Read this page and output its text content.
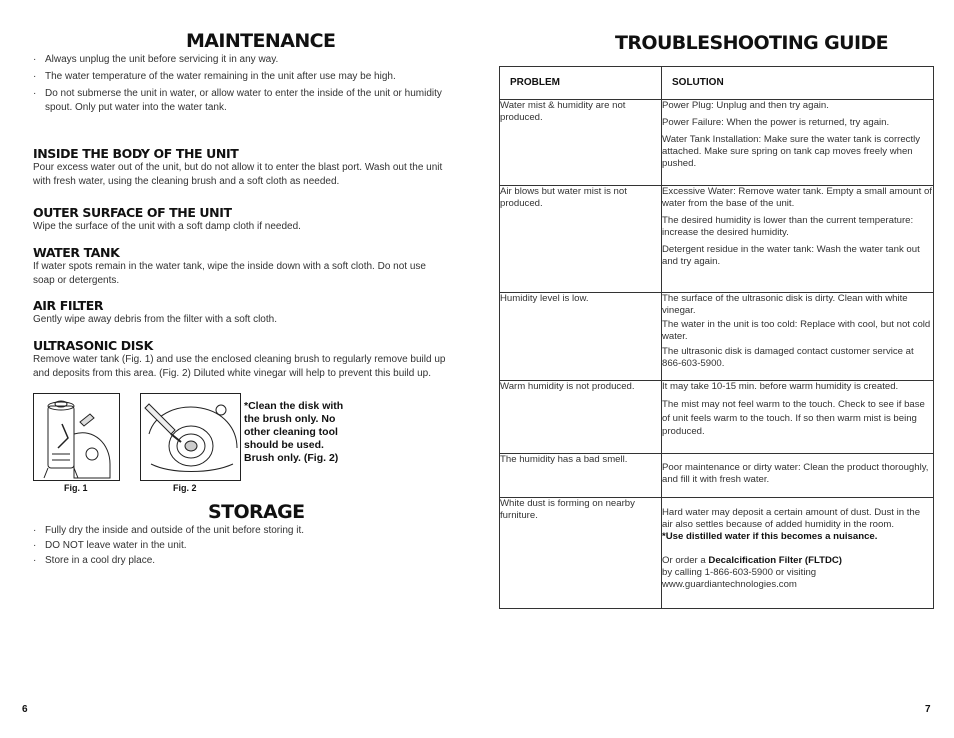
MAINTENANCE
· Always unplug the unit before servicing it in any way.
· The water temperature of the water remaining in the unit after use may be high.
· Do not submerse the unit in water, or allow water to enter the inside of the unit or humidity spout. Only put water into the water tank.
INSIDE THE BODY OF THE UNIT
Pour excess water out of the unit, but do not allow it to enter the blast port. Wash out the unit with fresh water, using the cleaning brush and a soft cloth as needed.
OUTER SURFACE OF THE UNIT
Wipe the surface of the unit with a soft damp cloth if needed.
WATER TANK
If water spots remain in the water tank, wipe the inside down with a soft cloth. Do not use soap or detergents.
AIR FILTER
Gently wipe away debris from the filter with a soft cloth.
ULTRASONIC DISK
Remove water tank (Fig. 1) and use the enclosed cleaning brush to regularly remove build up and deposits from this area. (Fig. 2) Diluted white vinegar will help to prevent this build up.
Fig. 1	Fig. 2
*Clean the disk with the brush only. No other cleaning tool should be used. Brush only. (Fig. 2)
STORAGE
· Fully dry the inside and outside of the unit before storing it.
· DO NOT leave water in the unit.
· Store in a cool dry place.
6
TROUBLESHOOTING GUIDE
PROBLEM	SOLUTION
Water mist & humidity are not produced.	Power Plug: Unplug and then try again.
Power Failure: When the power is returned, try again.
Water Tank Installation: Make sure the water tank is correctly attached. Make sure spring on tank cap moves freely when pushed.

Air blows but water mist is not produced.	Excessive Water: Remove water tank. Empty a small amount of water from the base of the unit.
The desired humidity is lower than the current temperature: increase the desired humidity.
Detergent residue in the water tank: Wash the water tank out and try again.

Humidity level is low.	The surface of the ultrasonic disk is dirty. Clean with white vinegar.
The water in the unit is too cold: Replace with cool, but not cold water.
The ultrasonic disk is damaged contact customer service at 866-603-5900.

Warm humidity is not produced.	It may take 10-15 min. before warm humidity is created.
The mist may not feel warm to the touch. Check to see if base of unit feels warm to the touch. If so then warm mist is being produced.

The humidity has a bad smell.	Poor maintenance or dirty water: Clean the product thoroughly, and fill it with fresh water.

White dust is forming on nearby furniture.	Hard water may deposit a certain amount of dust. Dust in the air also settles because of added humidity in the room.
*Use distilled water if this becomes a nuisance.
Or order a Decalcification Filter (FLTDC)
by calling 1-866-603-5900 or visiting
www.guardiantechnologies.com
7
